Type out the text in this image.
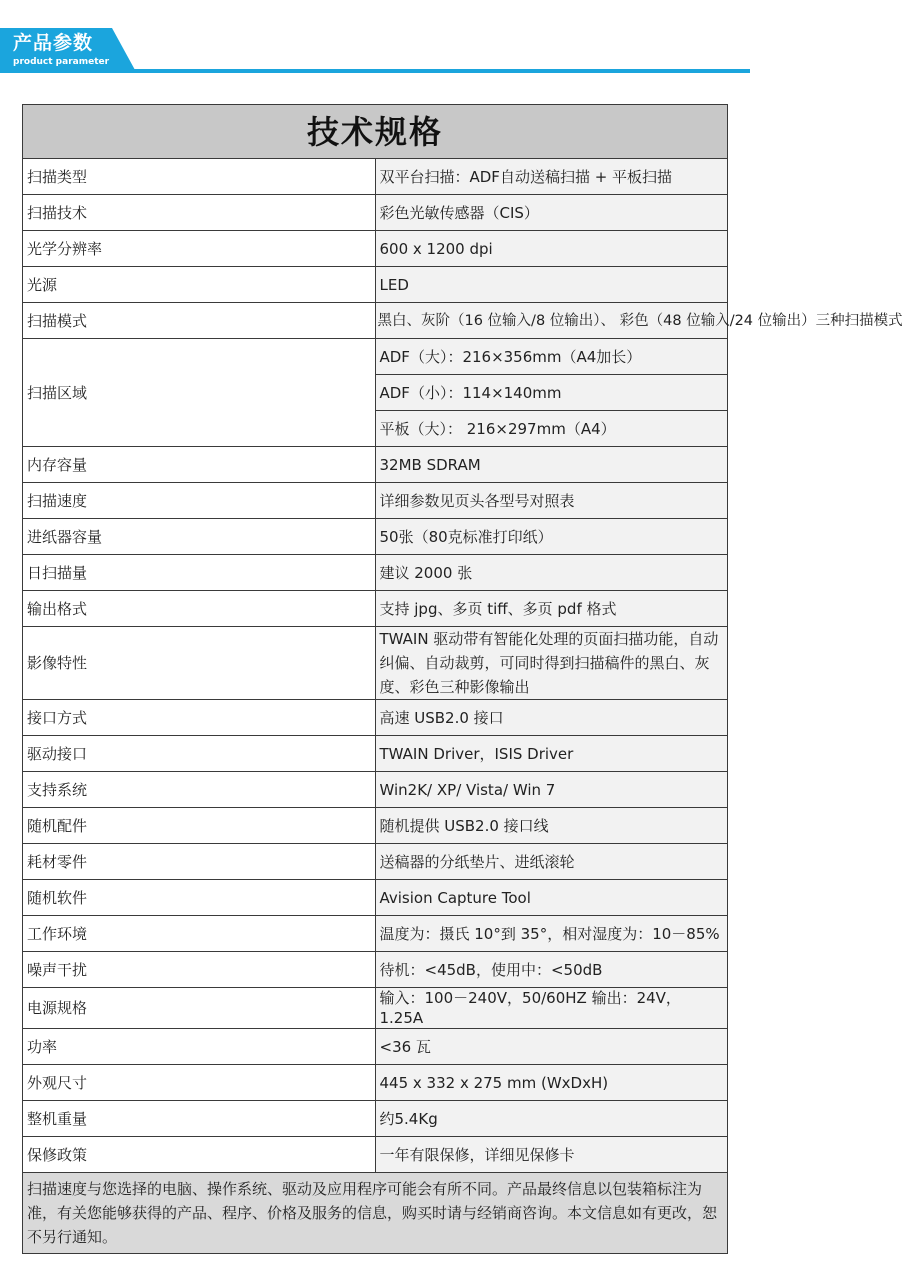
产品参数
product parameter
技术规格	
扫描类型	双平台扫描：ADF自动送稿扫描 + 平板扫描
扫描技术	彩色光敏传感器（CIS）
光学分辨率	600 x 1200 dpi
光源	LED
扫描模式	黑白、灰阶（16 位输入/8 位输出）、 彩色（48 位输入/24 位输出）三种扫描模式
扫描区域	ADF（大）：216×356mm（A4加长）
	ADF（小）：114×140mm
	平板（大）： 216×297mm（A4）
内存容量	32MB SDRAM
扫描速度	详细参数见页头各型号对照表
进纸器容量	50张（80克标准打印纸）
日扫描量	建议 2000 张
输出格式	支持 jpg、多页 tiff、多页 pdf 格式
影像特性	TWAIN 驱动带有智能化处理的页面扫描功能，自动纠偏、自动裁剪，可同时得到扫描稿件的黑白、灰度、彩色三种影像输出
接口方式	高速 USB2.0 接口
驱动接口	TWAIN Driver，ISIS Driver
支持系统	Win2K/ XP/ Vista/ Win 7
随机配件	随机提供 USB2.0 接口线
耗材零件	送稿器的分纸垫片、进纸滚轮
随机软件	Avision Capture Tool
工作环境	温度为：摄氏 10°到 35°，相对湿度为：10－85%
噪声干扰	待机：<45dB，使用中：<50dB
电源规格	输入：100－240V，50/60HZ 输出：24V，1.25A
功率	<36 瓦
外观尺寸	445 x 332 x 275 mm (WxDxH)
整机重量	约5.4Kg
保修政策	一年有限保修，详细见保修卡
扫描速度与您选择的电脑、操作系统、驱动及应用程序可能会有所不同。产品最终信息以包装箱标注为准，有关您能够获得的产品、程序、价格及服务的信息，购买时请与经销商咨询。本文信息如有更改，恕不另行通知。	
